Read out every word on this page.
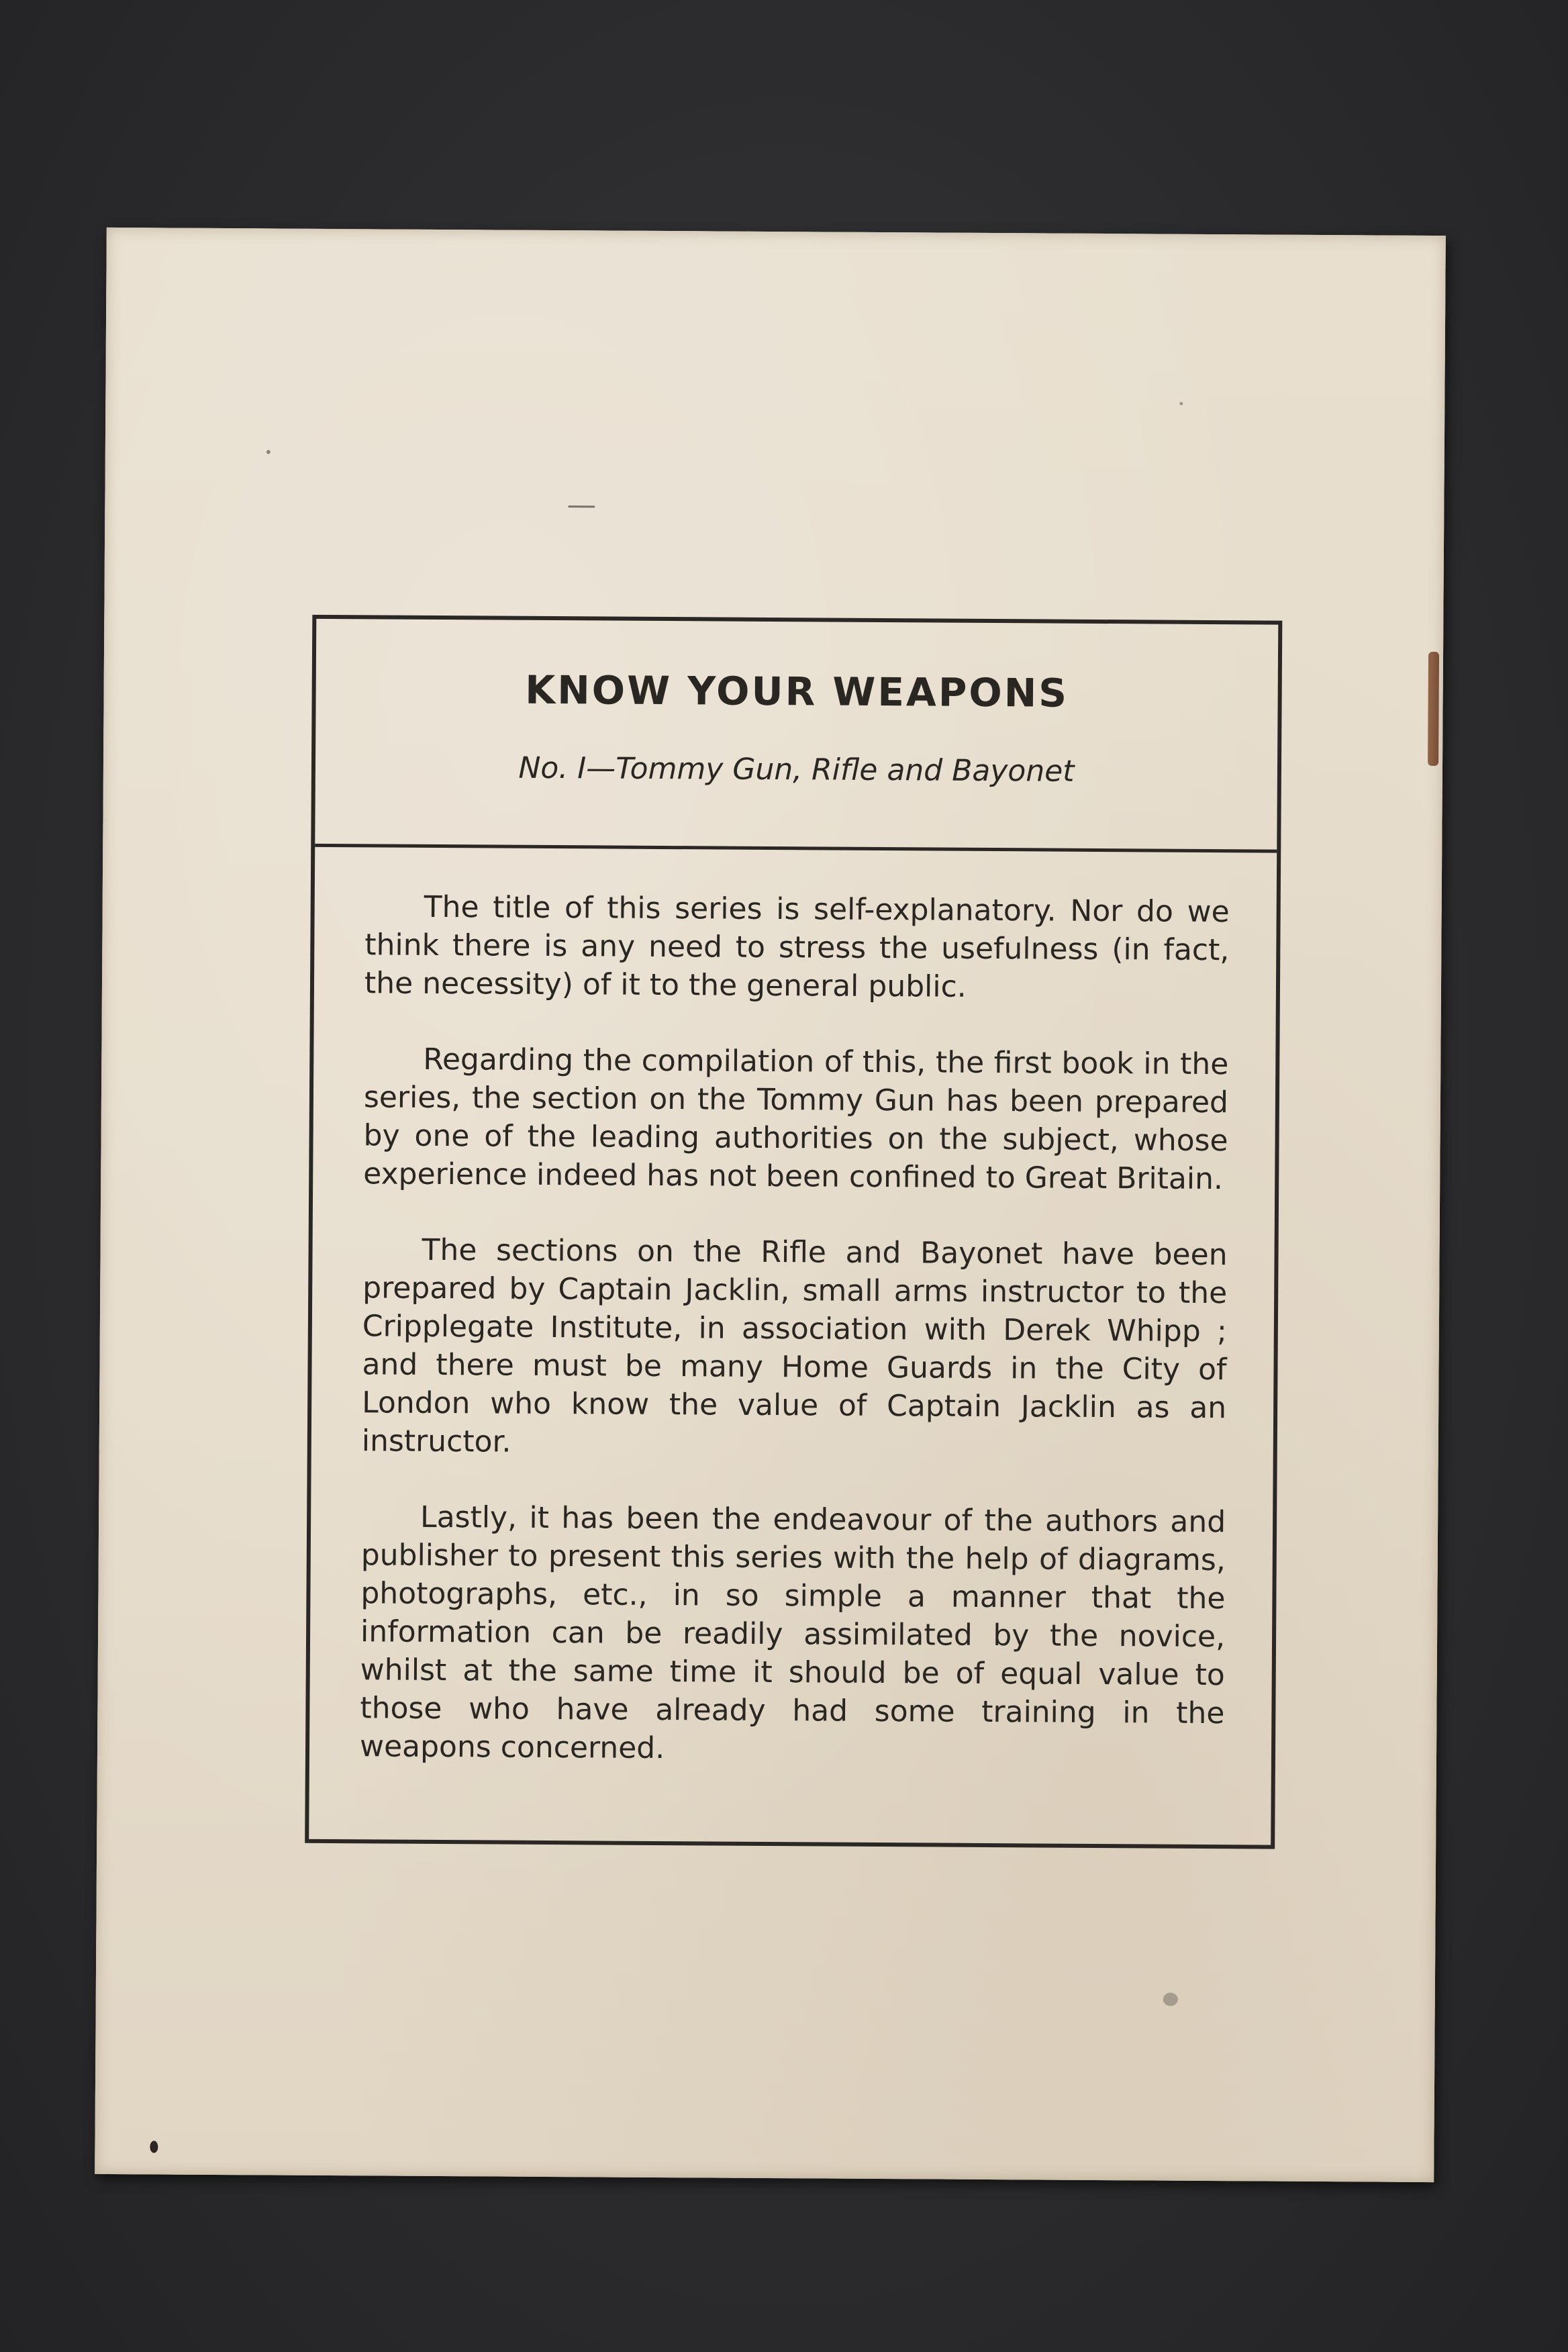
KNOW YOUR WEAPONS
No. I—Tommy Gun, Rifle and Bayonet

The title of this series is self-explanatory. Nor do we think there is any need to stress the usefulness (in fact, the necessity) of it to the general public.

Regarding the compilation of this, the first book in the series, the section on the Tommy Gun has been prepared by one of the leading authorities on the subject, whose experience indeed has not been confined to Great Britain.

The sections on the Rifle and Bayonet have been prepared by Captain Jacklin, small arms instructor to the Cripplegate Institute, in association with Derek Whipp ; and there must be many Home Guards in the City of London who know the value of Captain Jacklin as an instructor.

Lastly, it has been the endeavour of the authors and publisher to present this series with the help of diagrams, photographs, etc., in so simple a manner that the information can be readily assimilated by the novice, whilst at the same time it should be of equal value to those who have already had some training in the weapons concerned.
